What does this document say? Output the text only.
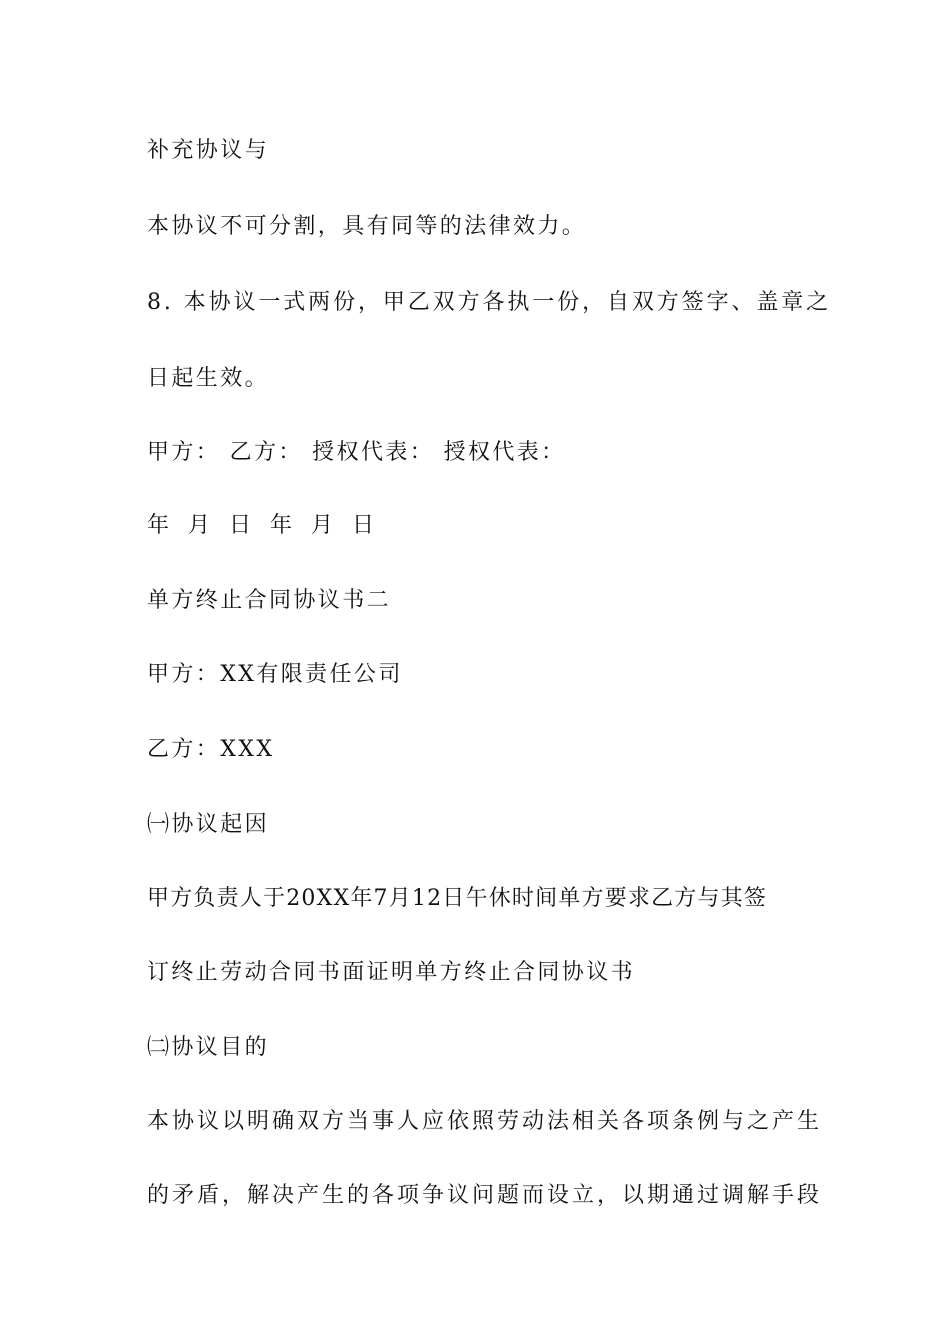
补充协议与
本协议不可分割，具有同等的法律效力。
8. 本协议一式两份，甲乙双方各执一份，自双方签字、盖章之
日起生效。
甲方： 乙方： 授权代表： 授权代表：
年 月 日 年 月 日
单方终止合同协议书二
甲方：XX有限责任公司
乙方：XXX
㈠协议起因
甲方负责人于20XX年7月12日午休时间单方要求乙方与其签
订终止劳动合同书面证明单方终止合同协议书
㈡协议目的
本协议以明确双方当事人应依照劳动法相关各项条例与之产生
的矛盾，解决产生的各项争议问题而设立，以期通过调解手段
